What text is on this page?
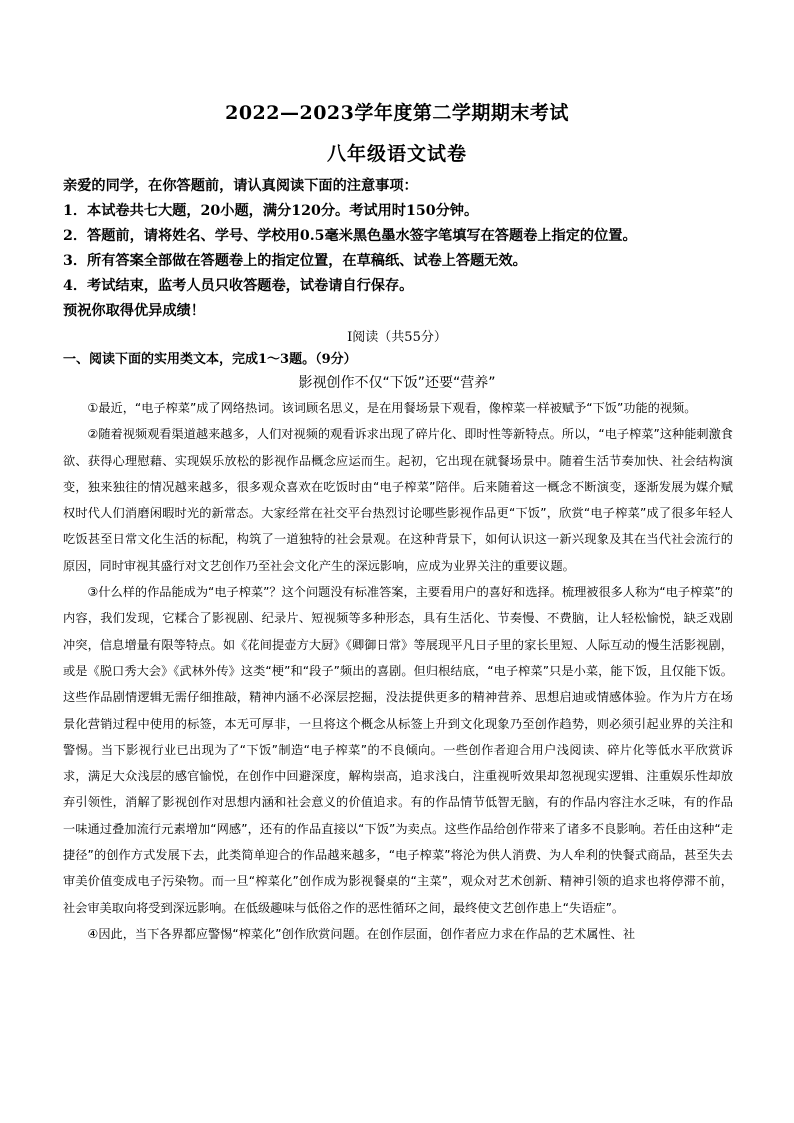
2022—2023学年度第二学期期末考试
八年级语文试卷
亲爱的同学，在你答题前，请认真阅读下面的注意事项：
1．本试卷共七大题，20小题，满分120分。考试用时150分钟。
2．答题前，请将姓名、学号、学校用0.5毫米黑色墨水签字笔填写在答题卷上指定的位置。
3．所有答案全部做在答题卷上的指定位置，在草稿纸、试卷上答题无效。
4．考试结束，监考人员只收答题卷，试卷请自行保存。
预祝你取得优异成绩！
Ⅰ阅读（共55分）
一、阅读下面的实用类文本，完成1～3题。（9分）
影视创作不仅“下饭”还要“营养”

①最近，“电子榨菜”成了网络热词。该词顾名思义，是在用餐场景下观看，像榨菜一样被赋予“下饭”功能的视频。

②随着视频观看渠道越来越多，人们对视频的观看诉求出现了碎片化、即时性等新特点。所以，“电子榨菜”这种能刺激食欲、获得心理慰藉、实现娱乐放松的影视作品概念应运而生。起初，它出现在就餐场景中。随着生活节奏加快、社会结构演变，独来独往的情况越来越多，很多观众喜欢在吃饭时由“电子榨菜”陪伴。后来随着这一概念不断演变，逐渐发展为媒介赋权时代人们消磨闲暇时光的新常态。大家经常在社交平台热烈讨论哪些影视作品更“下饭”，欣赏“电子榨菜”成了很多年轻人吃饭甚至日常文化生活的标配，构筑了一道独特的社会景观。在这种背景下，如何认识这一新兴现象及其在当代社会流行的原因，同时审视其盛行对文艺创作乃至社会文化产生的深远影响，应成为业界关注的重要议题。

③什么样的作品能成为“电子榨菜”？这个问题没有标准答案，主要看用户的喜好和选择。梳理被很多人称为“电子榨菜”的内容，我们发现，它糅合了影视剧、纪录片、短视频等多种形态，具有生活化、节奏慢、不费脑，让人轻松愉悦，缺乏戏剧冲突，信息增量有限等特点。如《花间提壶方大厨》《卿御日常》等展现平凡日子里的家长里短、人际互动的慢生活影视剧，或是《脱口秀大会》《武林外传》这类“梗”和“段子”频出的喜剧。但归根结底，“电子榨菜”只是小菜，能下饭，且仅能下饭。这些作品剧情逻辑无需仔细推敲，精神内涵不必深层挖掘，没法提供更多的精神营养、思想启迪或情感体验。作为片方在场景化营销过程中使用的标签，本无可厚非，一旦将这个概念从标签上升到文化现象乃至创作趋势，则必须引起业界的关注和警惕。当下影视行业已出现为了“下饭”制造“电子榨菜”的不良倾向。一些创作者迎合用户浅阅读、碎片化等低水平欣赏诉求，满足大众浅层的感官愉悦，在创作中回避深度，解构崇高，追求浅白，注重视听效果却忽视现实逻辑、注重娱乐性却放弃引领性，消解了影视创作对思想内涵和社会意义的价值追求。有的作品情节低智无脑，有的作品内容注水乏味，有的作品一味通过叠加流行元素增加“网感”，还有的作品直接以“下饭”为卖点。这些作品给创作带来了诸多不良影响。若任由这种“走捷径”的创作方式发展下去，此类简单迎合的作品越来越多，“电子榨菜”将沦为供人消费、为人牟利的快餐式商品，甚至失去审美价值变成电子污染物。而一旦“榨菜化”创作成为影视餐桌的“主菜”，观众对艺术创新、精神引领的追求也将停滞不前，社会审美取向将受到深远影响。在低级趣味与低俗之作的恶性循环之间，最终使文艺创作患上“失语症”。

④因此，当下各界都应警惕“榨菜化”创作欣赏问题。在创作层面，创作者应力求在作品的艺术属性、社
